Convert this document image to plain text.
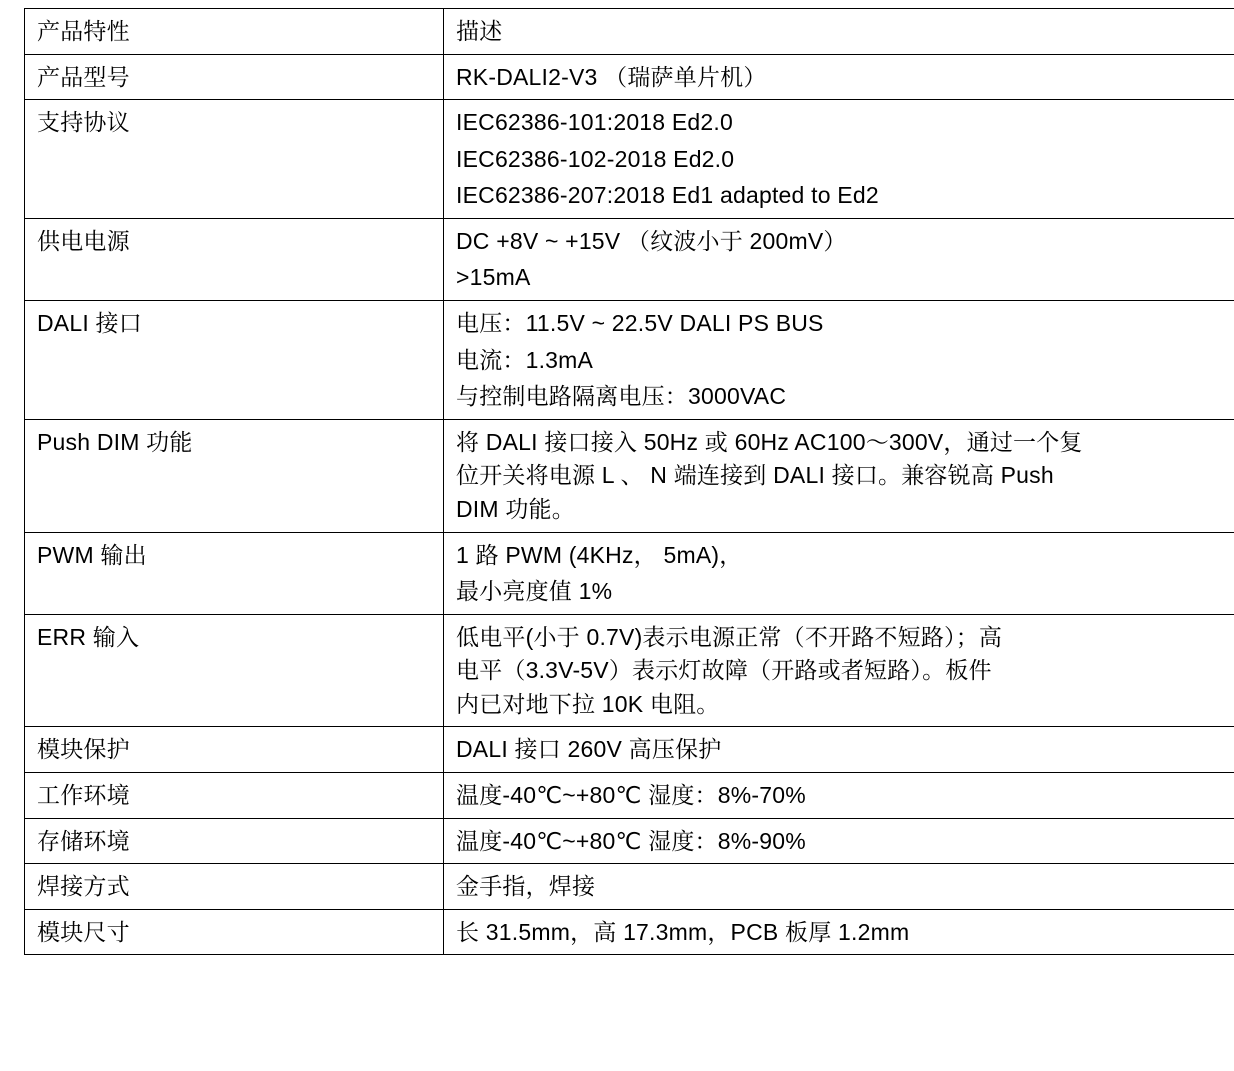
产品特性	描述

产品型号	RK-DALI2-V3 （瑞萨单片机）

支持协议	IEC62386-101:2018 Ed2.0
IEC62386-102-2018 Ed2.0
IEC62386-207:2018 Ed1 adapted to Ed2

供电电源	DC +8V ~ +15V （纹波小于 200mV）
>15mA

DALI 接口	电压：11.5V ~ 22.5V DALI PS BUS
电流：1.3mA
与控制电路隔离电压：3000VAC

Push DIM 功能	将 DALI 接口接入 50Hz 或 60Hz AC100～300V，通过一个复
位开关将电源 L 、 N 端连接到 DALI 接口。兼容锐高 Push
DIM 功能。

PWM 输出	1 路 PWM (4KHz， 5mA)，
最小亮度值 1%

ERR 输入	低电平(小于 0.7V)表示电源正常（不开路不短路）；高
电平（3.3V-5V）表示灯故障（开路或者短路）。板件
内已对地下拉 10K 电阻。

模块保护	DALI 接口 260V 高压保护

工作环境	温度-40℃~+80℃ 湿度：8%-70%

存储环境	温度-40℃~+80℃ 湿度：8%-90%

焊接方式	金手指，焊接

模块尺寸	长 31.5mm，高 17.3mm，PCB 板厚 1.2mm
